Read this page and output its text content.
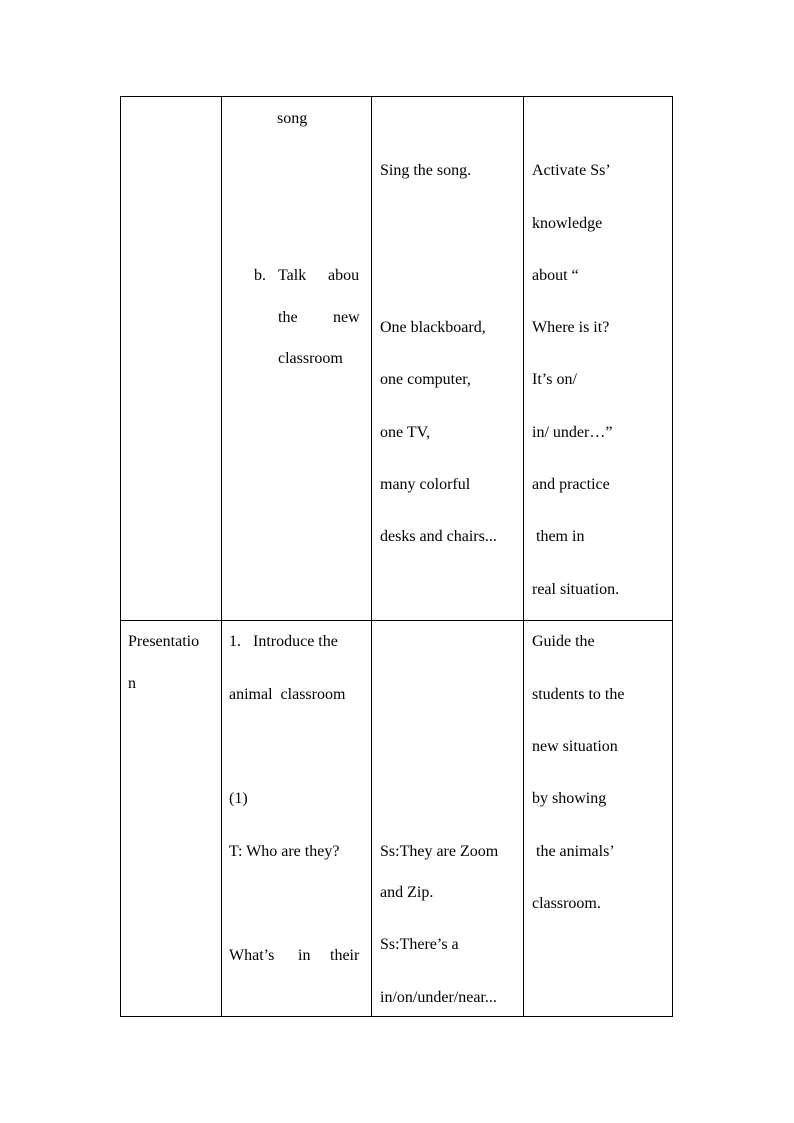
song
b. Talk abou
the new
classroom
Sing the song.
One blackboard,
one computer,
one TV,
many colorful
desks and chairs...
Activate Ss’
knowledge
about “
Where is it?
It’s on/
in/ under…”
and practice
them in
real situation.
Presentatio
n
1. Introduce the
animal  classroom
(1)
T: Who are they?
What’s in their
Ss:They are Zoom
and Zip.
Ss:There’s a
in/on/under/near...
Guide the
students to the
new situation
by showing
the animals’
classroom.
